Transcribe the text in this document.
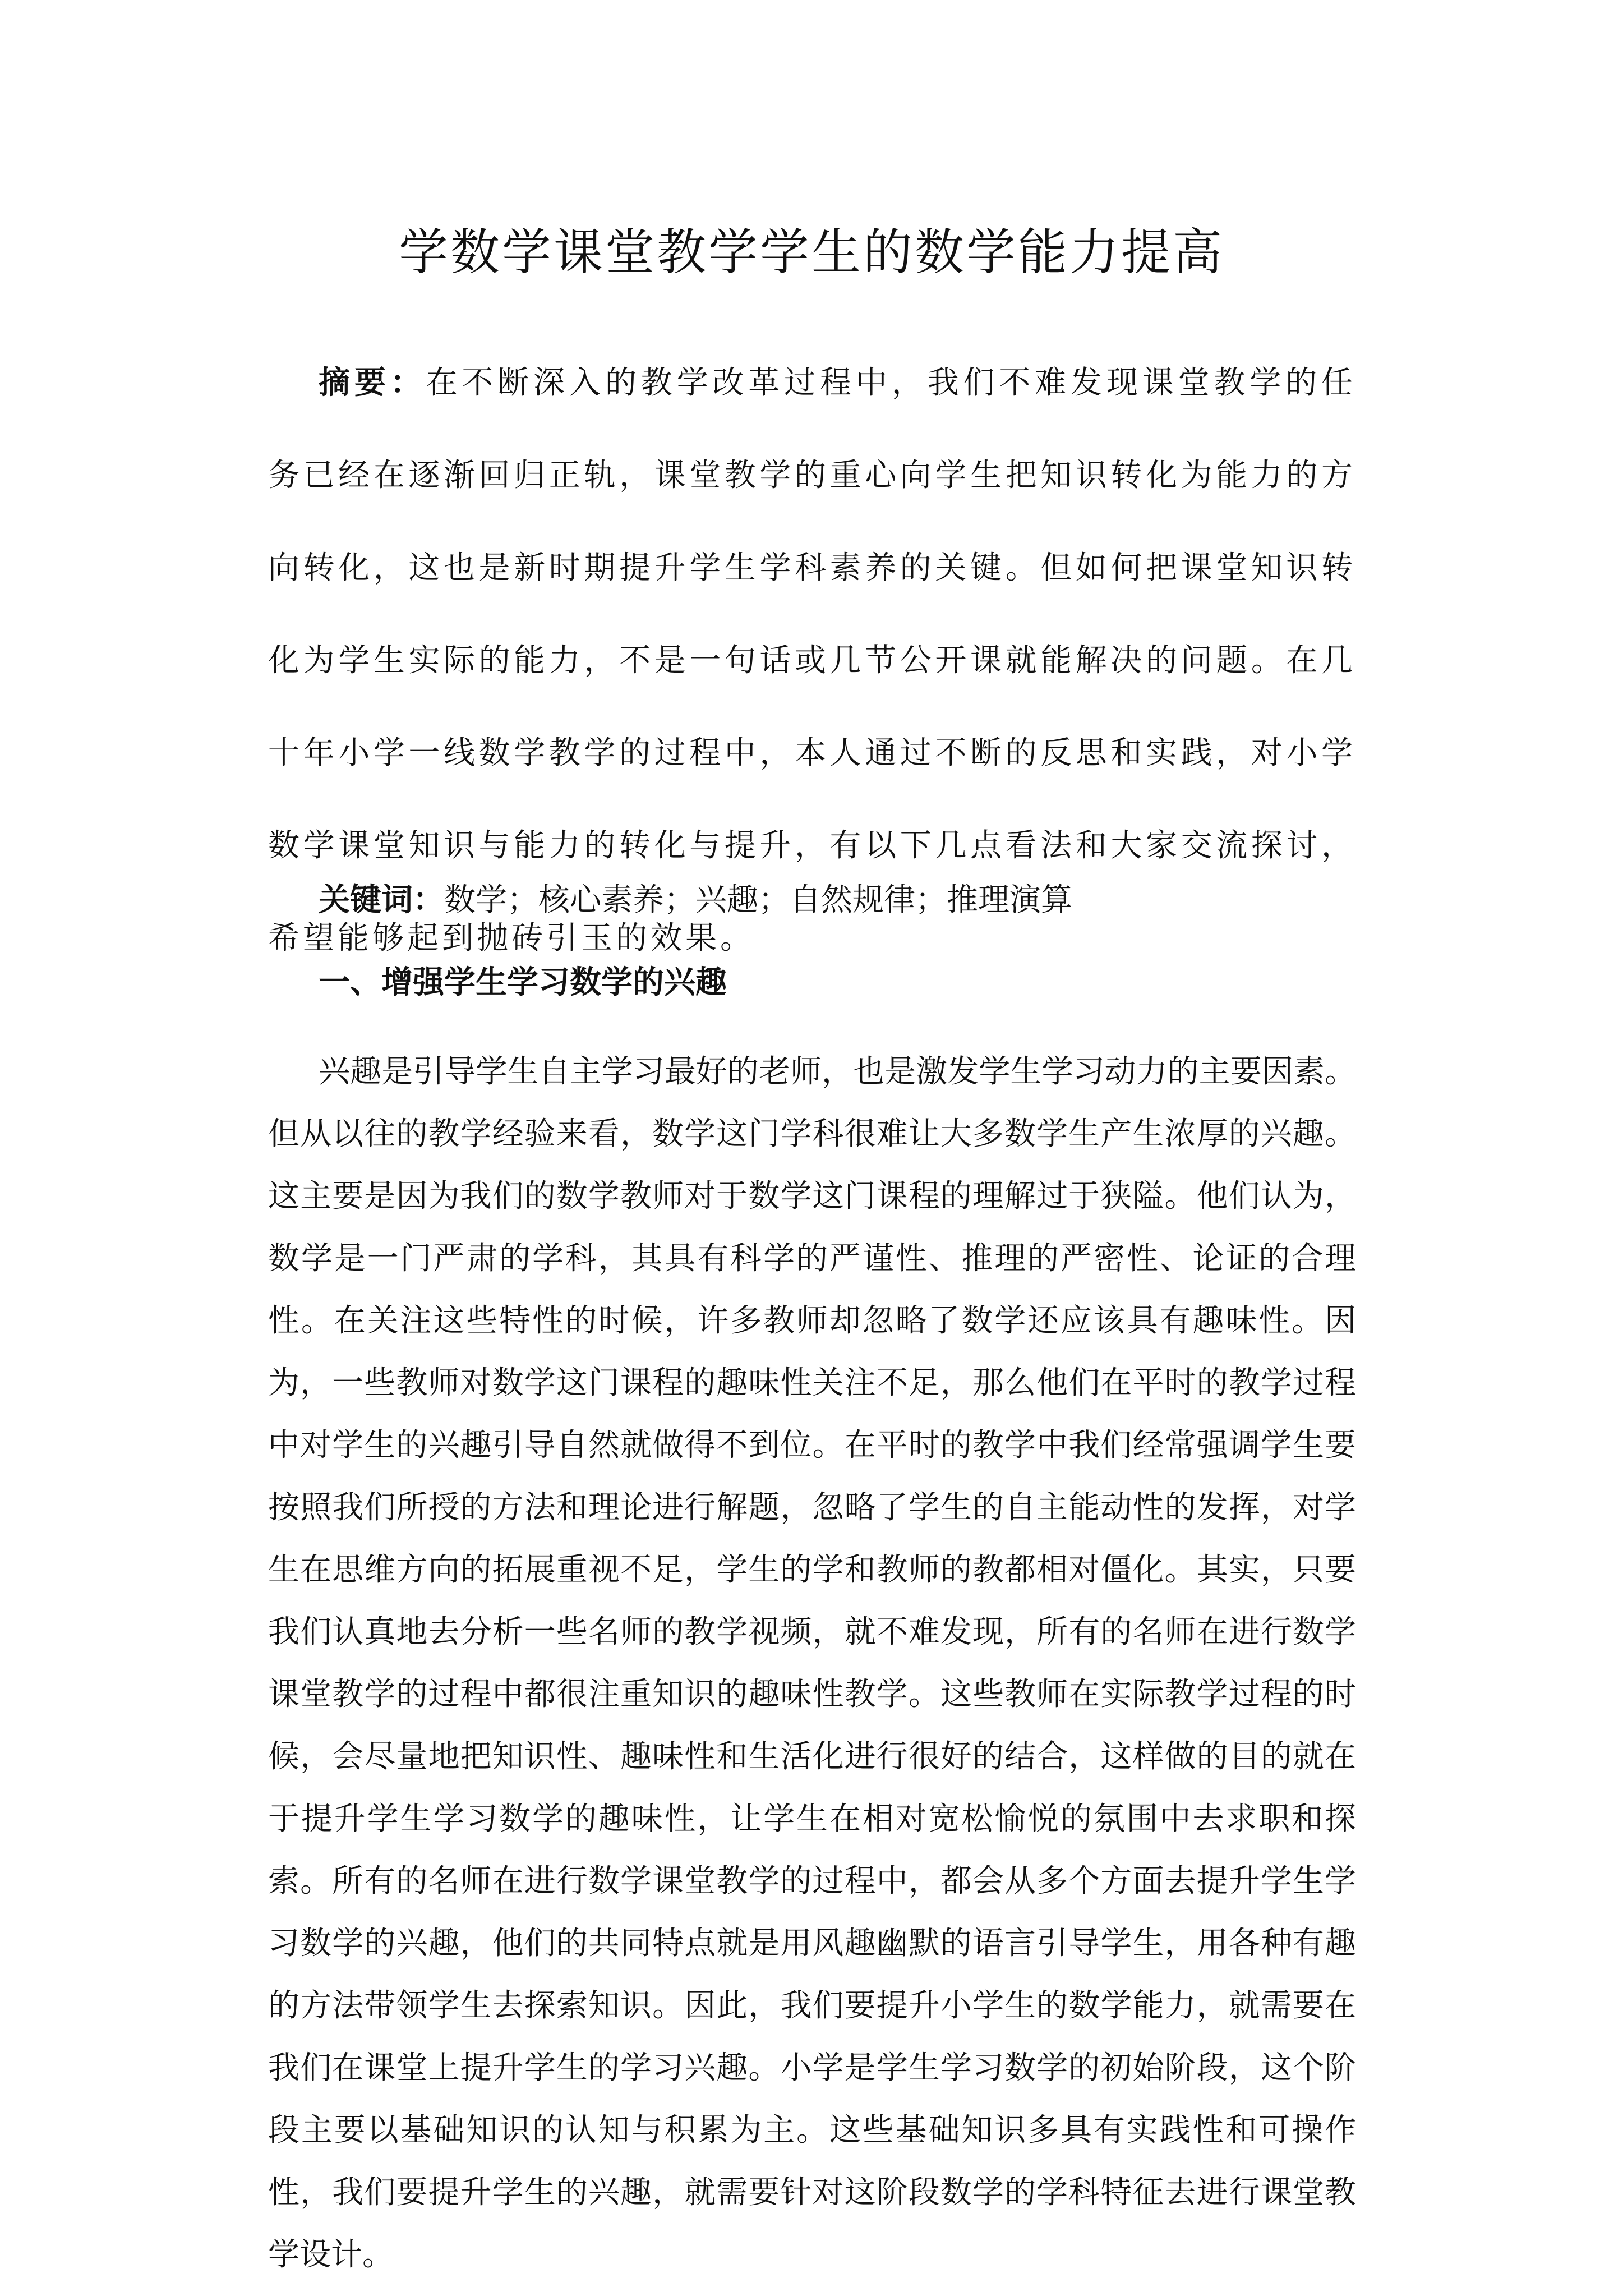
学数学课堂教学学生的数学能力提高

摘要：在不断深入的教学改革过程中，我们不难发现课堂教学的任务已经在逐渐回归正轨，课堂教学的重心向学生把知识转化为能力的方向转化，这也是新时期提升学生学科素养的关键。但如何把课堂知识转化为学生实际的能力，不是一句话或几节公开课就能解决的问题。在几十年小学一线数学教学的过程中，本人通过不断的反思和实践，对小学数学课堂知识与能力的转化与提升，有以下几点看法和大家交流探讨，希望能够起到抛砖引玉的效果。

关键词：数学；核心素养；兴趣；自然规律；推理演算

一、增强学生学习数学的兴趣

兴趣是引导学生自主学习最好的老师，也是激发学生学习动力的主要因素。但从以往的教学经验来看，数学这门学科很难让大多数学生产生浓厚的兴趣。这主要是因为我们的数学教师对于数学这门课程的理解过于狭隘。他们认为，数学是一门严肃的学科，其具有科学的严谨性、推理的严密性、论证的合理性。在关注这些特性的时候，许多教师却忽略了数学还应该具有趣味性。因为，一些教师对数学这门课程的趣味性关注不足，那么他们在平时的教学过程中对学生的兴趣引导自然就做得不到位。在平时的教学中我们经常强调学生要按照我们所授的方法和理论进行解题，忽略了学生的自主能动性的发挥，对学生在思维方向的拓展重视不足，学生的学和教师的教都相对僵化。其实，只要我们认真地去分析一些名师的教学视频，就不难发现，所有的名师在进行数学课堂教学的过程中都很注重知识的趣味性教学。这些教师在实际教学过程的时候，会尽量地把知识性、趣味性和生活化进行很好的结合，这样做的目的就在于提升学生学习数学的趣味性，让学生在相对宽松愉悦的氛围中去求职和探索。所有的名师在进行数学课堂教学的过程中，都会从多个方面去提升学生学习数学的兴趣，他们的共同特点就是用风趣幽默的语言引导学生，用各种有趣的方法带领学生去探索知识。因此，我们要提升小学生的数学能力，就需要在我们在课堂上提升学生的学习兴趣。小学是学生学习数学的初始阶段，这个阶段主要以基础知识的认知与积累为主。这些基础知识多具有实践性和可操作性，我们要提升学生的兴趣，就需要针对这阶段数学的学科特征去进行课堂教学设计。
